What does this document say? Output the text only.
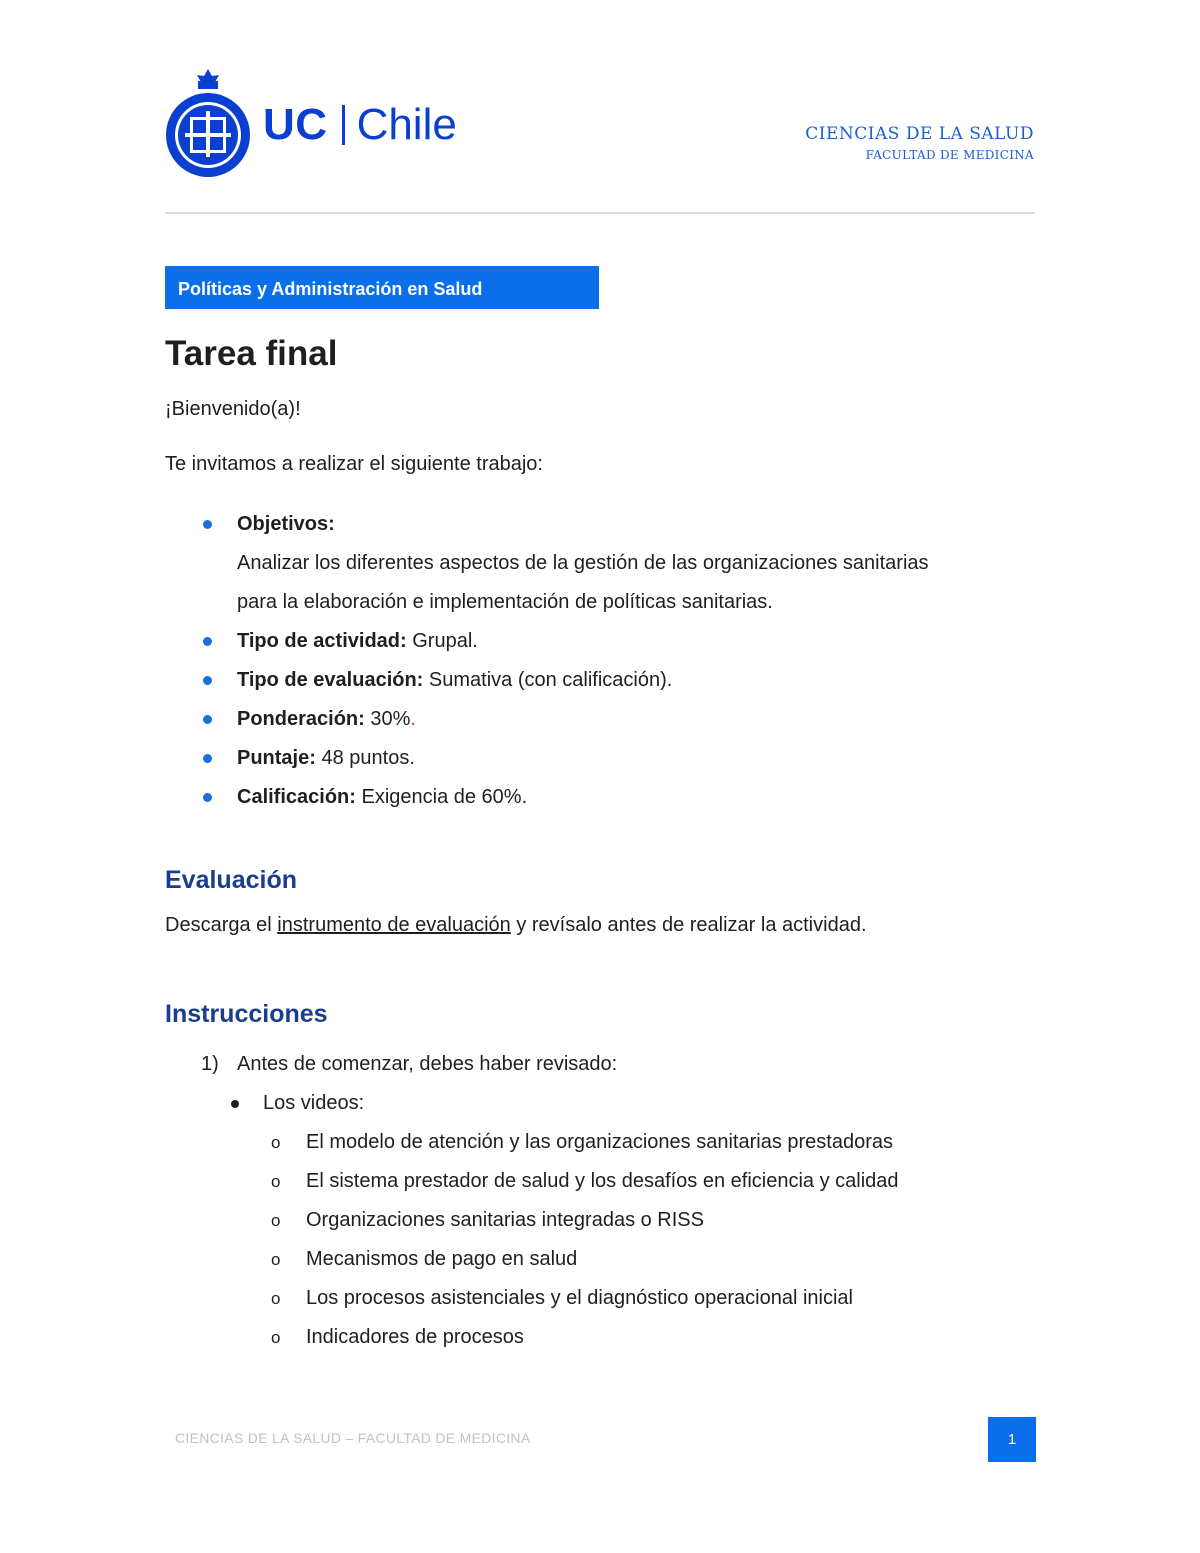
UC Chile	CIENCIAS DE LA SALUD
FACULTAD DE MEDICINA
Políticas y Administración en Salud
Tarea final

¡Bienvenido(a)!

Te invitamos a realizar el siguiente trabajo:

Objetivos:
Analizar los diferentes aspectos de la gestión de las organizaciones sanitarias
para la elaboración e implementación de políticas sanitarias.
Tipo de actividad: Grupal.
Tipo de evaluación: Sumativa (con calificación).
Ponderación: 30%.
Puntaje: 48 puntos.
Calificación: Exigencia de 60%.
Evaluación

Descarga el instrumento de evaluación y revísalo antes de realizar la actividad.

Instrucciones
1) Antes de comenzar, debes haber revisado:
Los videos:
o El modelo de atención y las organizaciones sanitarias prestadoras
o El sistema prestador de salud y los desafíos en eficiencia y calidad
o Organizaciones sanitarias integradas o RISS
o Mecanismos de pago en salud
o Los procesos asistenciales y el diagnóstico operacional inicial
o Indicadores de procesos
CIENCIAS DE LA SALUD – FACULTAD DE MEDICINA	1
